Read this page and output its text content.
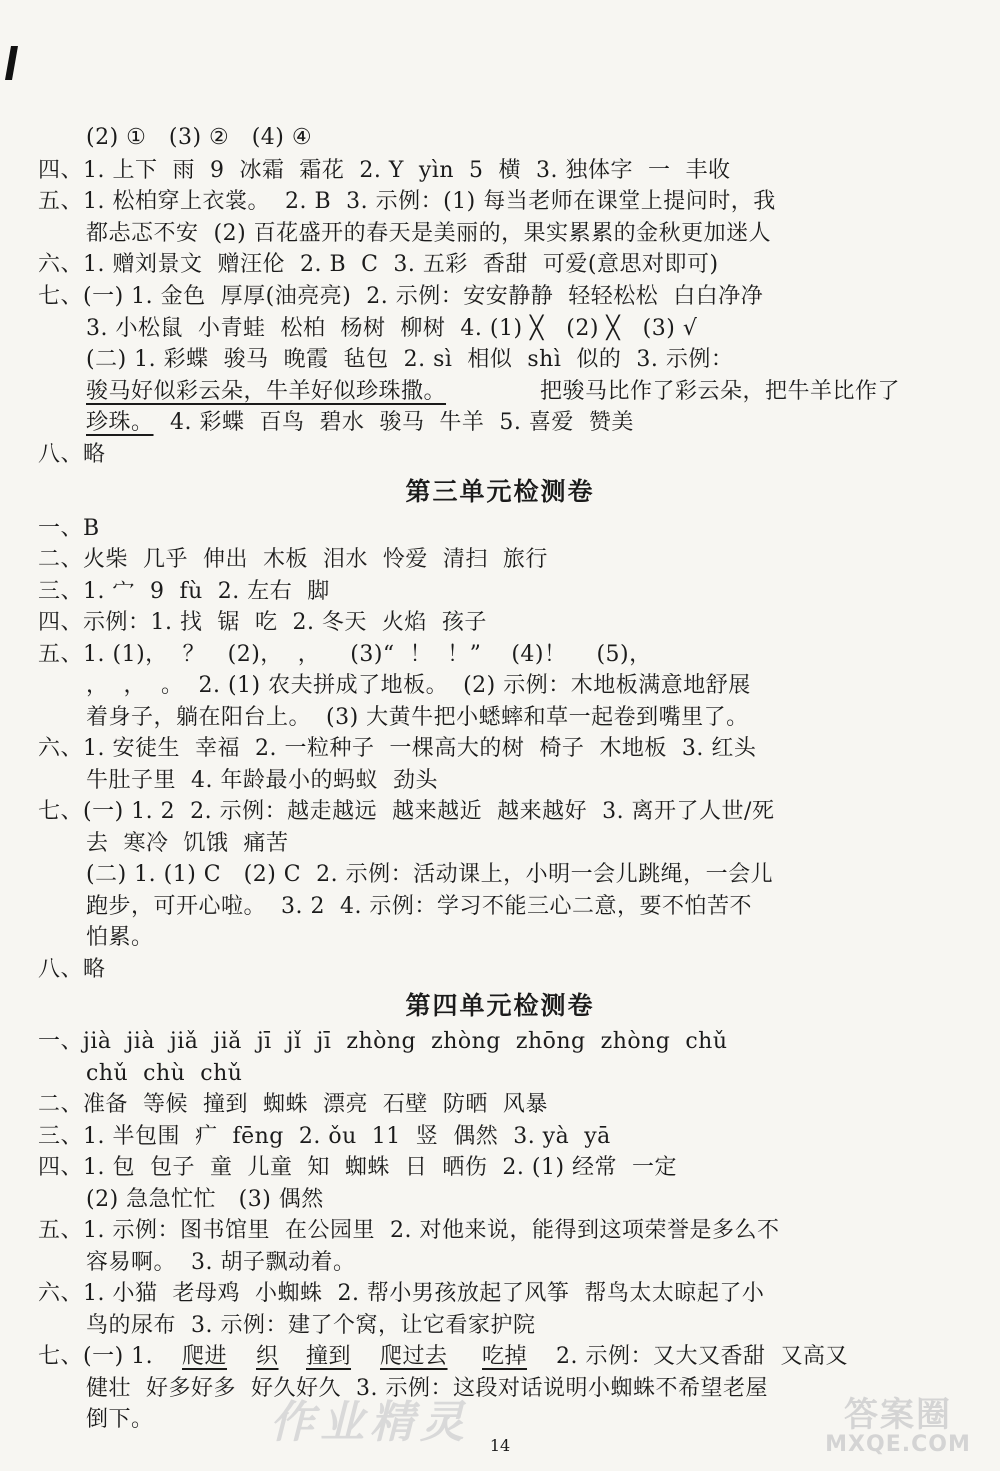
(2) ①   (3) ②   (4) ④
四、1. 上下  雨  9  冰霜  霜花  2. Y  yìn  5  横  3. 独体字  一  丰收
五、1. 松柏穿上衣裳。  2. B  3. 示例：(1) 每当老师在课堂上提问时，我
都忐忑不安  (2) 百花盛开的春天是美丽的，果实累累的金秋更加迷人
六、1. 赠刘景文  赠汪伦  2. B  C  3. 五彩  香甜  可爱(意思对即可)
七、(一) 1. 金色  厚厚(油亮亮)  2. 示例：安安静静  轻轻松松  白白净净
3. 小松鼠  小青蛙  松柏  杨树  柳树  4. (1) ╳   (2) ╳   (3) √
(二) 1. 彩蝶  骏马  晚霞  毡包  2. sì  相似  shì  似的  3. 示例：
骏马好似彩云朵，牛羊好似珍珠撒。	把骏马比作了彩云朵，把牛羊比作了
珍珠。 4. 彩蝶  百鸟  碧水  骏马  牛羊  5. 喜爱  赞美
八、略
第三单元检测卷
一、B
二、火柴  几乎  伸出  木板  泪水  怜爱  清扫  旅行
三、1. 宀  9  fù  2. 左右  脚
四、示例：1. 找  锯  吃  2. 冬天  火焰  孩子
五、1. (1)，  ？   (2)，  ，    (3)“  ！  ！”    (4)！    (5)，
，  ，  。  2. (1) 农夫拼成了地板。  (2) 示例：木地板满意地舒展
着身子，躺在阳台上。  (3) 大黄牛把小蟋蟀和草一起卷到嘴里了。
六、1. 安徒生  幸福  2. 一粒种子  一棵高大的树  椅子  木地板  3. 红头
牛肚子里  4. 年龄最小的蚂蚁  劲头
七、(一) 1. 2  2. 示例：越走越远  越来越近  越来越好  3. 离开了人世/死
去  寒冷  饥饿  痛苦
(二) 1. (1) C   (2) C  2. 示例：活动课上，小明一会儿跳绳，一会儿
跑步，可开心啦。  3. 2  4. 示例：学习不能三心二意，要不怕苦不
怕累。
八、略
第四单元检测卷
一、jià  jià  jiǎ  jiǎ  jī  jǐ  jī  zhòng  zhòng  zhōng  zhòng  chǔ
chǔ  chù  chǔ
二、准备  等候  撞到  蜘蛛  漂亮  石壁  防晒  风暴
三、1. 半包围  疒  fēng  2. ǒu  11  竖  偶然  3. yà  yā
四、1. 包  包子  童  儿童  知  蜘蛛  日  晒伤  2. (1) 经常  一定
(2) 急急忙忙   (3) 偶然
五、1. 示例：图书馆里  在公园里  2. 对他来说，能得到这项荣誉是多么不
容易啊。  3. 胡子飘动着。
六、1. 小猫  老母鸡  小蜘蛛  2. 帮小男孩放起了风筝  帮鸟太太晾起了小
鸟的尿布  3. 示例：建了个窝，让它看家护院
七、(一) 1. 爬进 织 撞到 爬过去 吃掉 2. 示例：又大又香甜  又高又
健壮  好多好多  好久好久  3. 示例：这段对话说明小蜘蛛不希望老屋
倒下。	作业精灵	14
答案圈
MXQE.COM
